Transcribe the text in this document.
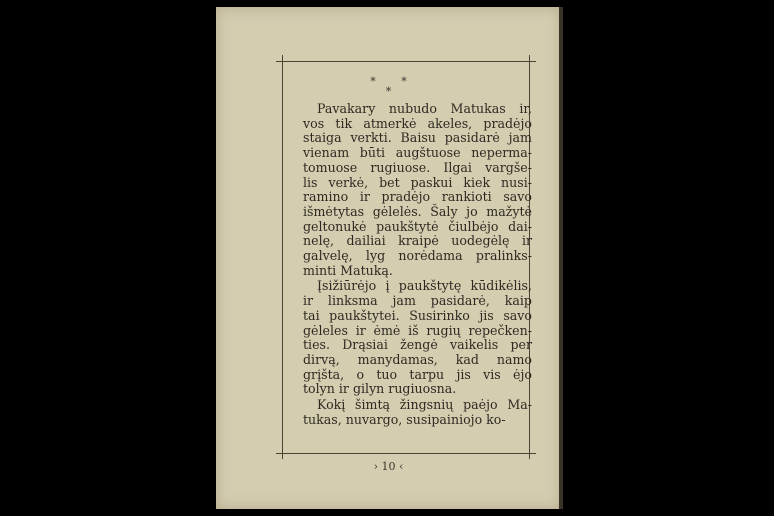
* *
*

Pavakary nubudo Matukas ir,
vos tik atmerkė akeles, pradėjo
staiga verkti. Baisu pasidarė jam
vienam būti augštuose neperma-
tomuose rugiuose. Ilgai vargše-
lis verkė, bet paskui kiek nusi-
ramino ir pradėjo rankioti savo
išmėtytas gėlelės. Šaly jo mažytė
geltonukė paukštytė čiulbėjo dai-
nelę, dailiai kraipė uodegėlę ir
galvelę, lyg norėdama pralinks-
minti Matuką.

Įsižiūrėjo į paukštytę kūdikėlis,
ir linksma jam pasidarė, kaip
tai paukštytei. Susirinko jis savo
gėleles ir ėmė iš rugių repečken-
ties. Drąsiai žengė vaikelis per
dirvą, manydamas, kad namo
grįšta, o tuo tarpu jis vis ėjo
tolyn ir gilyn rugiuosna.

Kokį šimtą žingsnių paėjo Ma-
tukas, nuvargo, susipainiojo ko-

› 10 ‹
